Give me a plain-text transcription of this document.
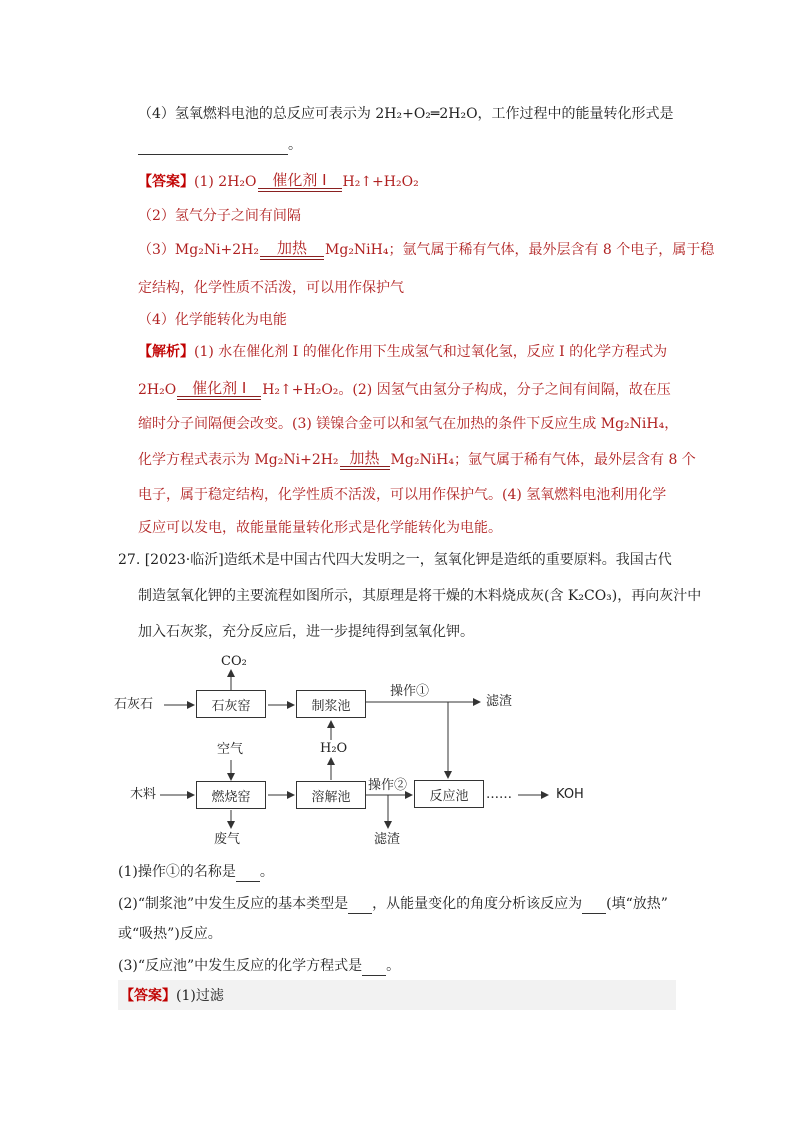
（4）氢氧燃料电池的总反应可表示为 2H₂+O₂═2H₂O，工作过程中的能量转化形式是
。
【答案】(1) 2H₂O	催化剂 I	H₂↑+H₂O₂
（2）氢气分子之间有间隔
（3）Mg₂Ni+2H₂	加热	Mg₂NiH₄；氩气属于稀有气体，最外层含有 8 个电子，属于稳
定结构，化学性质不活泼，可以用作保护气
（4）化学能转化为电能
【解析】(1) 水在催化剂 I 的催化作用下生成氢气和过氧化氢，反应 I 的化学方程式为
2H₂O	催化剂 I	H₂↑+H₂O₂。(2) 因氢气由氢分子构成，分子之间有间隔，故在压
缩时分子间隔便会改变。(3) 镁镍合金可以和氢气在加热的条件下反应生成 Mg₂NiH₄，
化学方程式表示为 Mg₂Ni+2H₂ 加热 Mg₂NiH₄；氩气属于稀有气体，最外层含有 8 个
电子，属于稳定结构，化学性质不活泼，可以用作保护气。(4) 氢氧燃料电池利用化学
反应可以发电，故能量能量转化形式是化学能转化为电能。
27. [2023·临沂]造纸术是中国古代四大发明之一，氢氧化钾是造纸的重要原料。我国古代
制造氢氧化钾的主要流程如图所示，其原理是将干燥的木料烧成灰(含 K₂CO₃)，再向灰汁中
加入石灰浆，充分反应后，进一步提纯得到氢氧化钾。
CO₂
石灰石	石灰窑	制浆池
操作①
滤渣
空气	H₂O
木料	燃烧窑	溶解池
操作②
反应池	……	KOH
废气	滤渣
(1)操作①的名称是 。
(2)“制浆池”中发生反应的基本类型是 ，从能量变化的角度分析该反应为 (填“放热”
或“吸热”)反应。
(3)“反应池”中发生反应的化学方程式是 。
【答案】(1)过滤
